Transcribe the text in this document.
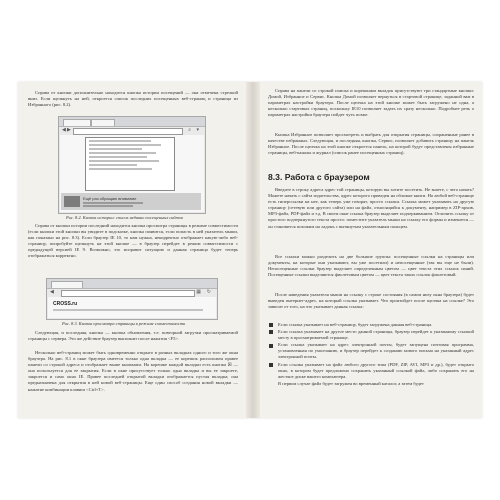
Справа от кнопки дополнительно находится кнопка истории посещений — она отмечена стрелкой вниз. Если щелкнуть на ней, откроется список последних посещенных веб-страниц и страница из Избранного (рис. 8.2).

◀ ▶	⌕ ▾
Ещё раз обращаю внимание
Рис. 8.2. Кнопка истории: список недавно посещенных сайтов

Справа от кнопки истории последний находится кнопка просмотра страницы в режиме совместимости (если кнопки этой кнопки вы увидите в подсказке, кнопка появится, если попасть в ней указатель мыши, как показано на рис. 8.3). Если браузер IE 10, то нам нужна, некорректно отображает какую-либо веб-страницу, попробуйте щелкнуть на этой кнопке — в браузер перейдет в режим совместимости с предыдущей версией IE 9. Возможно, это исправит ситуацию и данная страница будет теперь отображаться корректно.

◀	▦ ↻
CROSS.ru
Рис. 8.3. Кнопка просмотра страницы в режиме совместимости

Следующая, и последняя, кнопка — кнопка обновления, т.е. повторной загрузки просматриваемой страницы с сервера. Это же действие браузер выполнит после нажатия <F5>.

Несколько веб-страниц может быть одновременно открыто в разных вкладках одного и того же окна браузера. На рис. 8.1 в окне браузера имеется только одна вкладка — ее корешок расположен правее панели со строкой адреса и отображает выше кнопками. На корешке каждой вкладки есть кнопка ☒ — она используется для ее закрытия. Если в окне присутствует только одна вкладка и вы ее закроете, закроется и само окно IE. Правее последней открытой вкладки отображается пустая вкладка; она предназначена для открытия в ней новой веб-страницы. Еще один способ создания новой вкладки — нажатие комбинации клавиш <Ctrl+T>.

Справа на панели со строкой поиска и корешками вкладок присутствуют три стандартные кнопки: Домой, Избранное и Сервис. Кнопка Домой позволяет вернуться в стартовой странице, заданной вам в параметрах настройки браузера. После щелчка на этой кнопке может быть загружено не одна, а несколько стартовых страниц, поскольку IE10 позволяет задать их сразу несколько. Подробнее речь о параметрах настройки браузера пойдет чуть позже.

Кнопка Избранное позволяет просмотреть и выбрать для открытия страницы, сохраненные ранее в качестве избранных. Следующая, и последняя, кнопка, Сервис, позволяет добавить страницу на панель Избранное. После щелчка на этой кнопке откроется панель, на которой будут представлены избранные страницы, веб-каналы и журнал (список ранее посещенных страниц).

8.3. Работа с браузером

Введите в строку адреса адрес той страницы, которую вы хотите посетить. Не знаете, с чего начать? Можете начать с сайта издательства, адрес которого приведен на обложке книги. На любой веб-странице есть гиперссылки на нее, как теперь уже говорят, просто ссылки. Ссылка может указывать на другую страницу (сетевую или другого сайта) или на файл, относящийся к документу, например в ZIP-архив, MP3-файл, PDF-файл и т.д. В своем окне ссылка браузер выделяет подчеркиванием. Отличить ссылку от простого подчеркнутого текста просто: поместите указатель мыши на ссылку его формы и изменится — он становится похожим на ладонь с вытянутым указательным пальцем.

Все ссылки можно разделить на две большие группы: посещенные ссылки на страницы или документы, на которые они указывают, вы уже посетили) и непосещенные (так вы еще не были). Непосещенные ссылки браузер выделяет определенным цветом — цвет текста этих ссылок синий. Посещенные ссылки выделяются фиолетовым цветом — цвет текста таких ссылок фиолетовый.

После наведения указателя мыши на ссылку с строке состояния (в самом низу окна браузера) будет выведен интернет-адрес, на который ссылка указывает. Что произойдет после щелчка на ссылке? Это зависит от того, на что указывает данная ссылка:

Если ссылка указывает на веб-страницу, будет загружена данная веб-страница.
Если ссылка указывает на другое место данной страницы, браузер перейдет к указанному ссылкой месту в просматриваемой странице.
Если ссылка указывает на адрес электронной почты, будет запущена почтовая программа, установленная по умолчанию, и браузер перейдет к созданию нового письма на указанный адрес электронной почты.
Если ссылка указывает на файл любого другого типа (PDF, ZIP, AVI, MP3 и др.), будет открыто окно, в котором будет предложено сохранить указанный ссылкой файл, либо сохранить его на жесткое диске вашего компьютера.
В первом случае файл будет загружен во временный каталог, а затем будет
